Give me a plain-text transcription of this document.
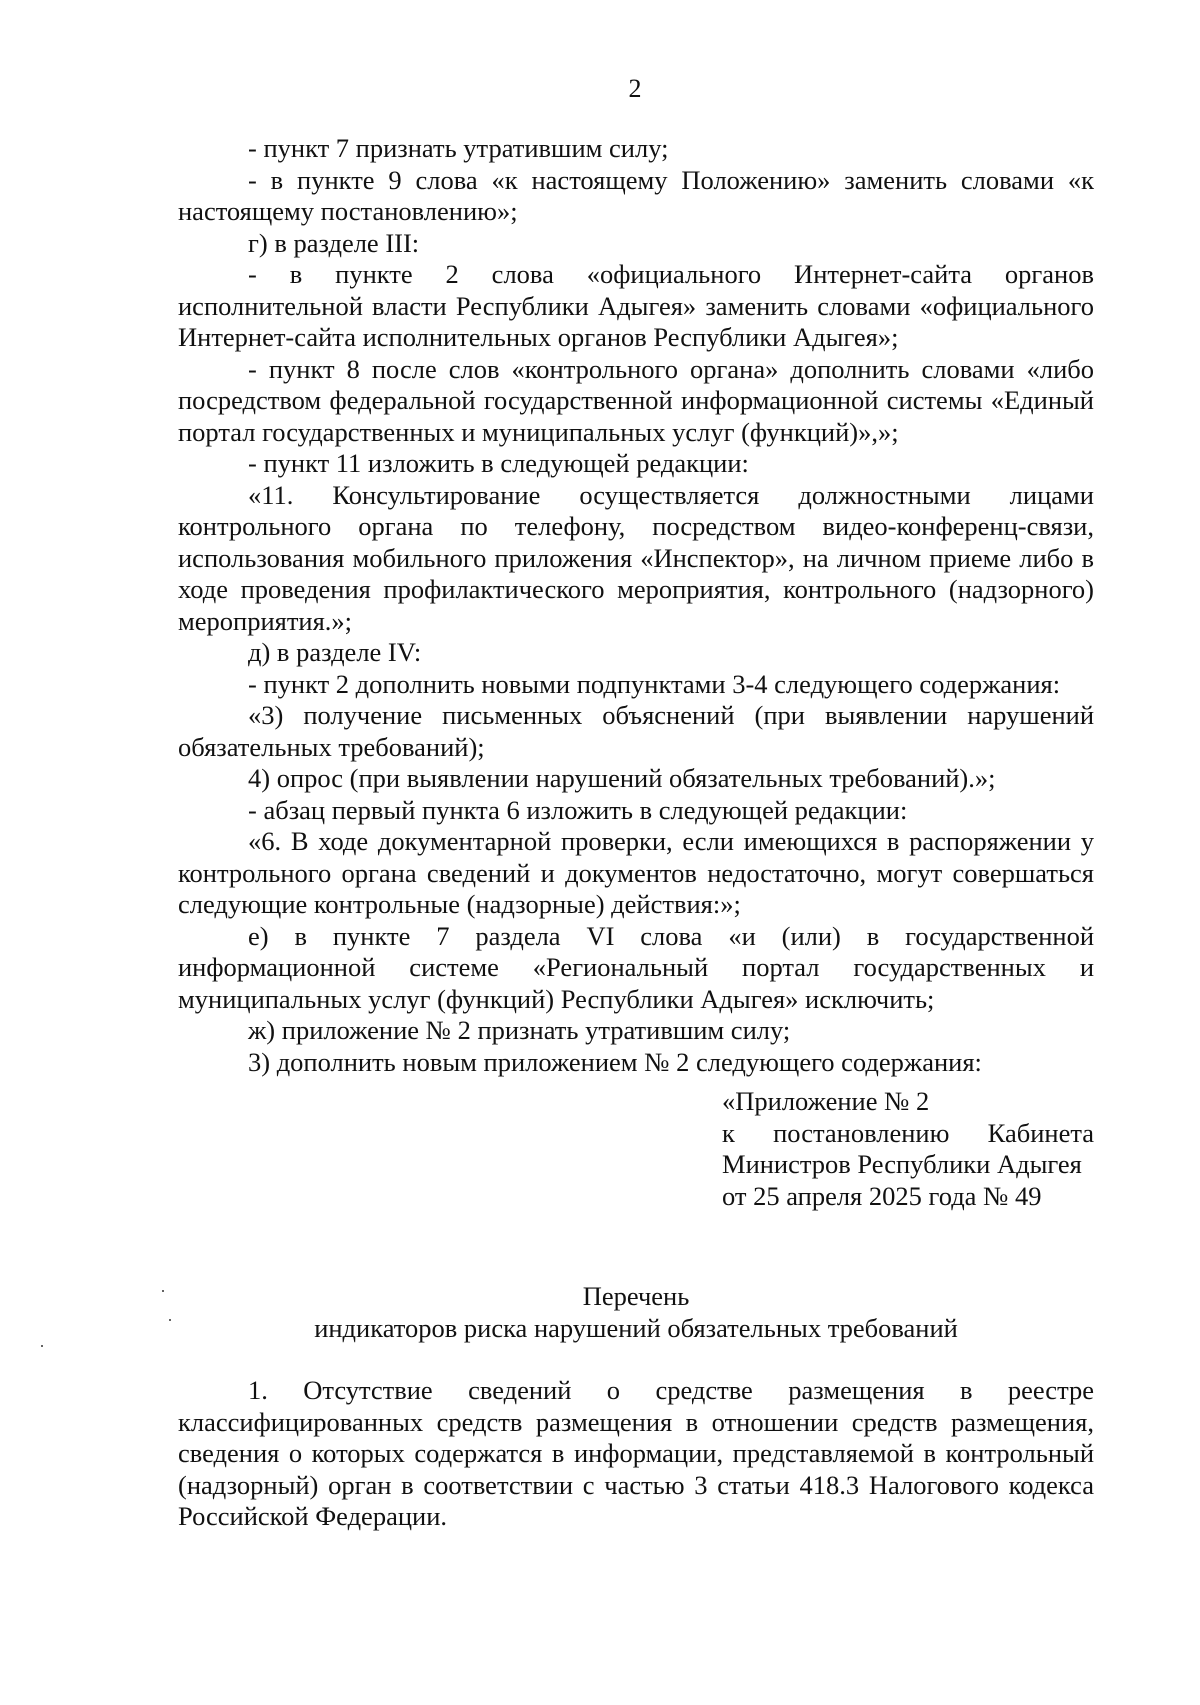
2

- пункт 7 признать утратившим силу;

- в пункте 9 слова «к настоящему Положению» заменить словами «к настоящему постановлению»;

г) в разделе III:

- в пункте 2 слова «официального Интернет-сайта органов исполнительной власти Республики Адыгея» заменить словами «официального Интернет-сайта исполнительных органов Республики Адыгея»;

- пункт 8 после слов «контрольного органа» дополнить словами «либо посредством федеральной государственной информационной системы «Единый портал государственных и муниципальных услуг (функций)»,»;

- пункт 11 изложить в следующей редакции:

«11. Консультирование осуществляется должностными лицами контрольного органа по телефону, посредством видео-конференц-связи, использования мобильного приложения «Инспектор», на личном приеме либо в ходе проведения профилактического мероприятия, контрольного (надзорного) мероприятия.»;

д) в разделе IV:

- пункт 2 дополнить новыми подпунктами 3-4 следующего содержания:

«3) получение письменных объяснений (при выявлении нарушений обязательных требований);

4) опрос (при выявлении нарушений обязательных требований).»;

- абзац первый пункта 6 изложить в следующей редакции:

«6. В ходе документарной проверки, если имеющихся в распоряжении у контрольного органа сведений и документов недостаточно, могут совершаться следующие контрольные (надзорные) действия:»;

е) в пункте 7 раздела VI слова «и (или) в государственной информационной системе «Региональный портал государственных и муниципальных услуг (функций) Республики Адыгея» исключить;

ж) приложение № 2 признать утратившим силу;

3) дополнить новым приложением № 2 следующего содержания:

«Приложение № 2
к постановлению Кабинета
Министров Республики Адыгея
от 25 апреля 2025 года № 49
Перечень
индикаторов риска нарушений обязательных требований

1. Отсутствие сведений о средстве размещения в реестре классифицированных средств размещения в отношении средств размещения, сведения о которых содержатся в информации, представляемой в контрольный (надзорный) орган в соответствии с частью 3 статьи 418.3 Налогового кодекса Российской Федерации.
